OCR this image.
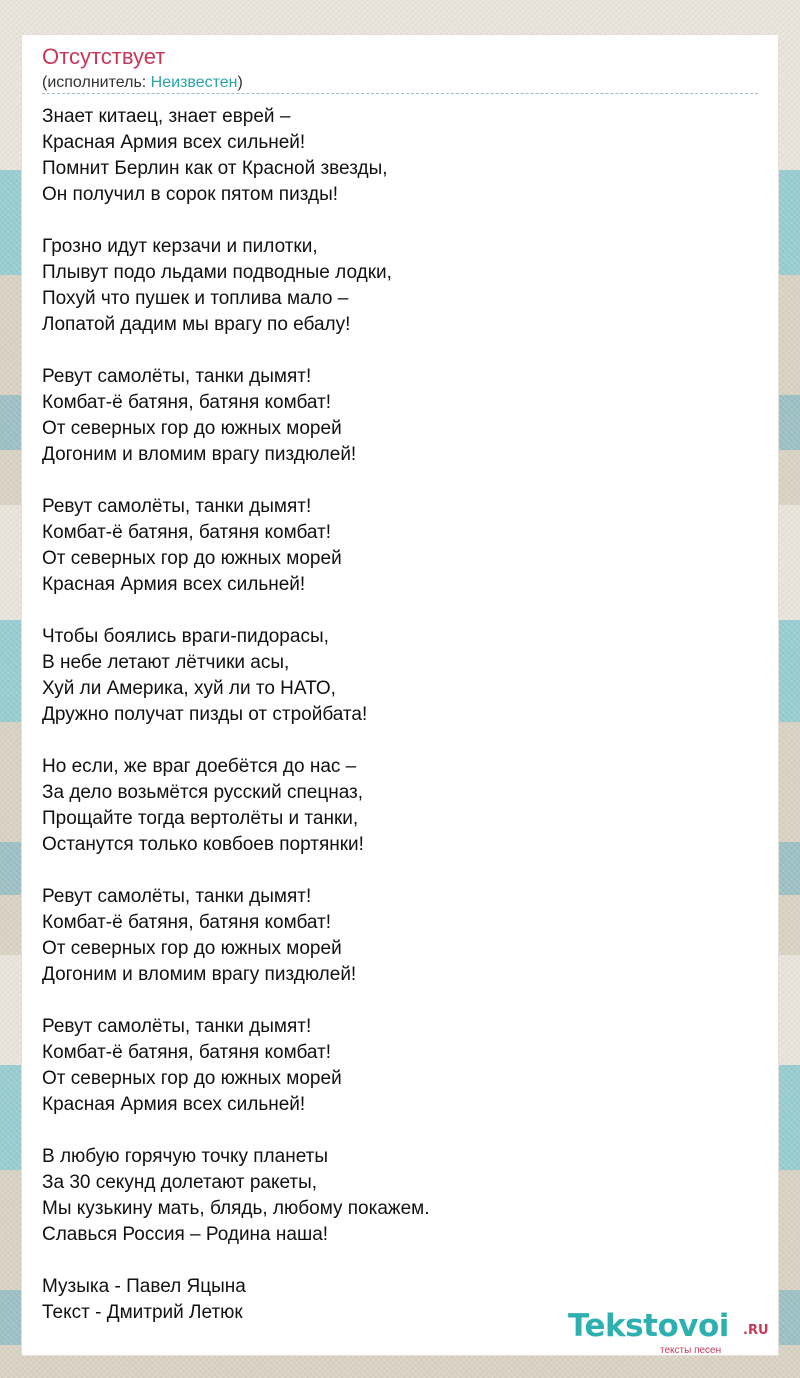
Отсутствует
(исполнитель: Неизвестен)
Знает китаец, знает еврей –
Красная Армия всех сильней!
Помнит Берлин как от Красной звезды,
Он получил в сорок пятом пизды!
Грозно идут керзачи и пилотки,
Плывут подо льдами подводные лодки,
Похуй что пушек и топлива мало –
Лопатой дадим мы врагу по ебалу!
Ревут самолёты, танки дымят!
Комбат-ё батяня, батяня комбат!
От северных гор до южных морей
Догоним и вломим врагу пиздюлей!
Ревут самолёты, танки дымят!
Комбат-ё батяня, батяня комбат!
От северных гор до южных морей
Красная Армия всех сильней!
Чтобы боялись враги-пидорасы,
В небе летают лётчики асы,
Хуй ли Америка, хуй ли то НАТО,
Дружно получат пизды от стройбата!
Но если, же враг доебётся до нас –
За дело возьмётся русский спецназ,
Прощайте тогда вертолёты и танки,
Останутся только ковбоев портянки!
Ревут самолёты, танки дымят!
Комбат-ё батяня, батяня комбат!
От северных гор до южных морей
Догоним и вломим врагу пиздюлей!
Ревут самолёты, танки дымят!
Комбат-ё батяня, батяня комбат!
От северных гор до южных морей
Красная Армия всех сильней!
В любую горячую точку планеты
За 30 секунд долетают ракеты,
Мы кузькину мать, блядь, любому покажем.
Славься Россия – Родина наша!
Музыка - Павел Яцына
Текст - Дмитрий Летюк	Tekstovoi .RU
тексты песен
